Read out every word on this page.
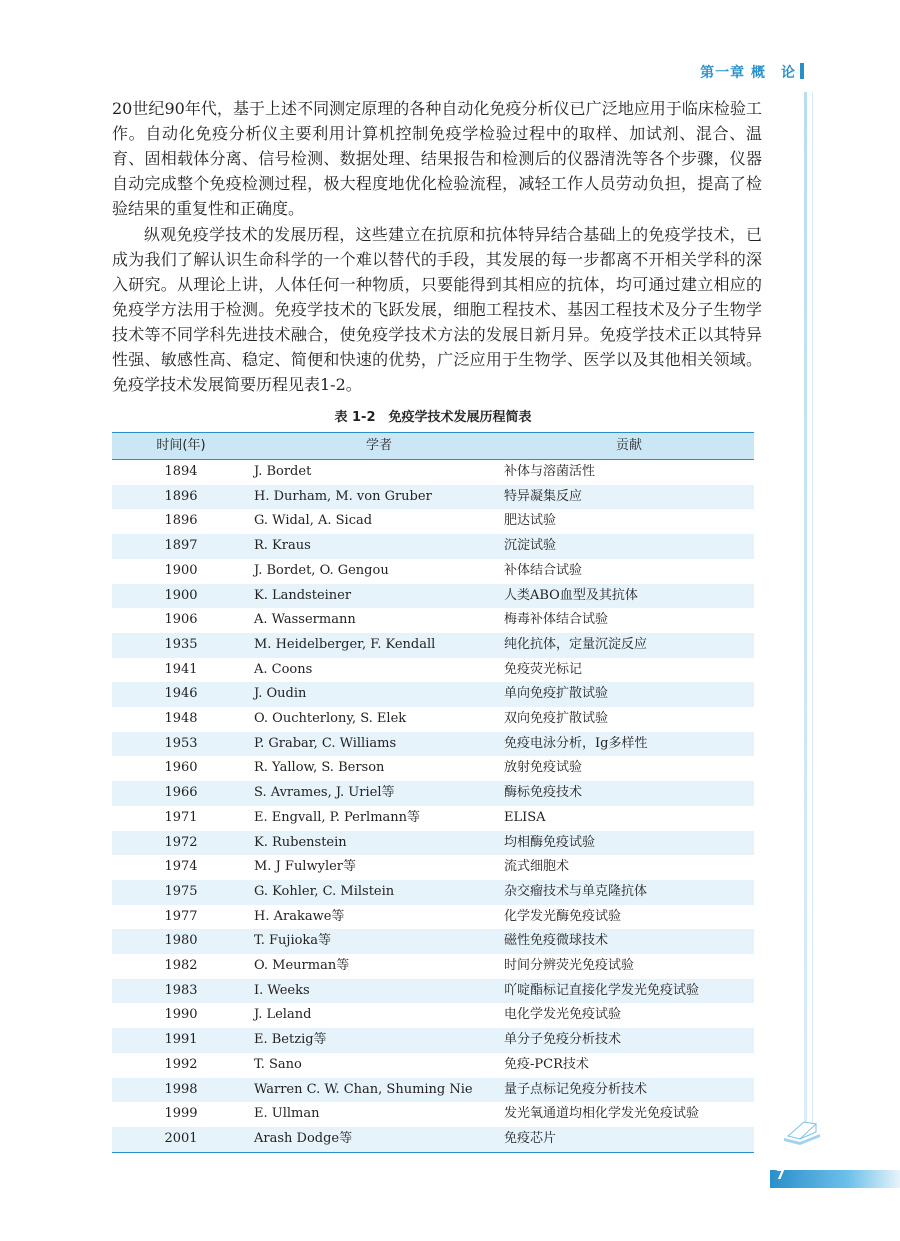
第一章 概　论

20世纪90年代，基于上述不同测定原理的各种自动化免疫分析仪已广泛地应用于临床检验工作。自动化免疫分析仪主要利用计算机控制免疫学检验过程中的取样、加试剂、混合、温育、固相载体分离、信号检测、数据处理、结果报告和检测后的仪器清洗等各个步骤，仪器自动完成整个免疫检测过程，极大程度地优化检验流程，减轻工作人员劳动负担，提高了检验结果的重复性和正确度。

纵观免疫学技术的发展历程，这些建立在抗原和抗体特异结合基础上的免疫学技术，已成为我们了解认识生命科学的一个难以替代的手段，其发展的每一步都离不开相关学科的深入研究。从理论上讲，人体任何一种物质，只要能得到其相应的抗体，均可通过建立相应的免疫学方法用于检测。免疫学技术的飞跃发展，细胞工程技术、基因工程技术及分子生物学技术等不同学科先进技术融合，使免疫学技术方法的发展日新月异。免疫学技术正以其特异性强、敏感性高、稳定、简便和快速的优势，广泛应用于生物学、医学以及其他相关领域。免疫学技术发展简要历程见表1-2。

表 1-2　免疫学技术发展历程简表
时间(年)	学者	贡献
1894	J. Bordet	补体与溶菌活性
1896	H. Durham, M. von Gruber	特异凝集反应
1896	G. Widal, A. Sicad	肥达试验
1897	R. Kraus	沉淀试验
1900	J. Bordet, O. Gengou	补体结合试验
1900	K. Landsteiner	人类ABO血型及其抗体
1906	A. Wassermann	梅毒补体结合试验
1935	M. Heidelberger, F. Kendall	纯化抗体，定量沉淀反应
1941	A. Coons	免疫荧光标记
1946	J. Oudin	单向免疫扩散试验
1948	O. Ouchterlony, S. Elek	双向免疫扩散试验
1953	P. Grabar, C. Williams	免疫电泳分析，Ig多样性
1960	R. Yallow, S. Berson	放射免疫试验
1966	S. Avrames, J. Uriel等	酶标免疫技术
1971	E. Engvall, P. Perlmann等	ELISA
1972	K. Rubenstein	均相酶免疫试验
1974	M. J Fulwyler等	流式细胞术
1975	G. Kohler, C. Milstein	杂交瘤技术与单克隆抗体
1977	H. Arakawe等	化学发光酶免疫试验
1980	T. Fujioka等	磁性免疫微球技术
1982	O. Meurman等	时间分辨荧光免疫试验
1983	I. Weeks	吖啶酯标记直接化学发光免疫试验
1990	J. Leland	电化学发光免疫试验
1991	E. Betzig等	单分子免疫分析技术
1992	T. Sano	免疫-PCR技术
1998	Warren C. W. Chan, Shuming Nie	量子点标记免疫分析技术
1999	E. Ullman	发光氧通道均相化学发光免疫试验
2001	Arash Dodge等	免疫芯片
7
